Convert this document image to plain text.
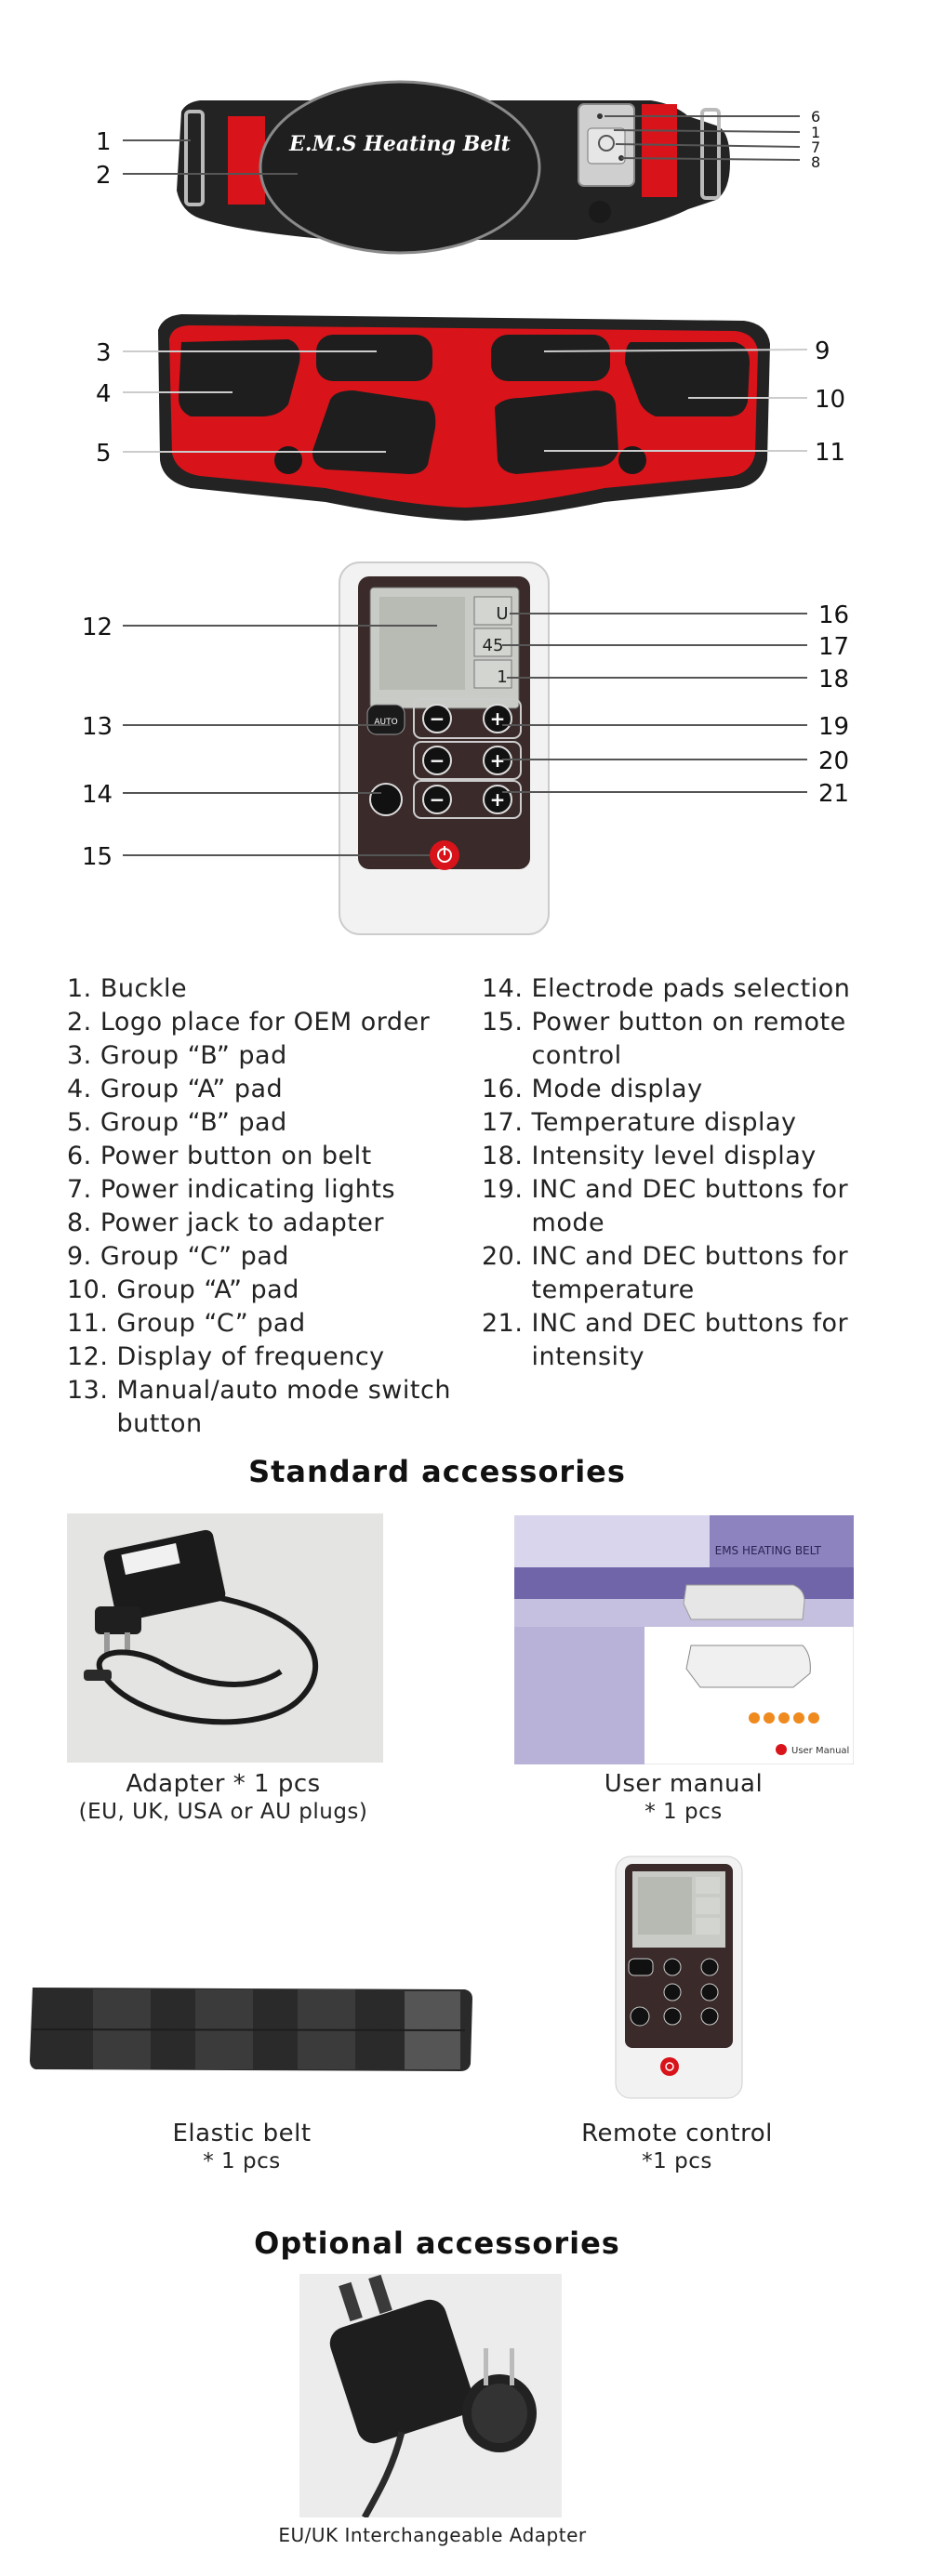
E.M.S Heating Belt
1
2
6
1
7
8
3
4
5
9
10
11
U
45
1
AUTO − +
− +
− +
12
13
14
15
16
17
18
19
20
21
1. Buckle
2. Logo place for OEM order
3. Group “B” pad
4. Group “A” pad
5. Group “B” pad
6. Power button on belt
7. Power indicating lights
8. Power jack to adapter
9. Group “C” pad
10. Group “A” pad
11. Group “C” pad
12. Display of frequency
13. Manual/auto mode switch button
14. Electrode pads selection
15. Power button on remote control
16. Mode display
17. Temperature display
18. Intensity level display
19. INC and DEC buttons for mode
20. INC and DEC buttons for temperature
21. INC and DEC buttons for intensity
Standard accessories
Adapter * 1 pcs
(EU, UK, USA or AU plugs)
EMS HEATING BELT
User Manual
User manual
* 1 pcs
Elastic belt
* 1 pcs
Remote control
*1 pcs
Optional accessories
EU/UK Interchangeable Adapter
